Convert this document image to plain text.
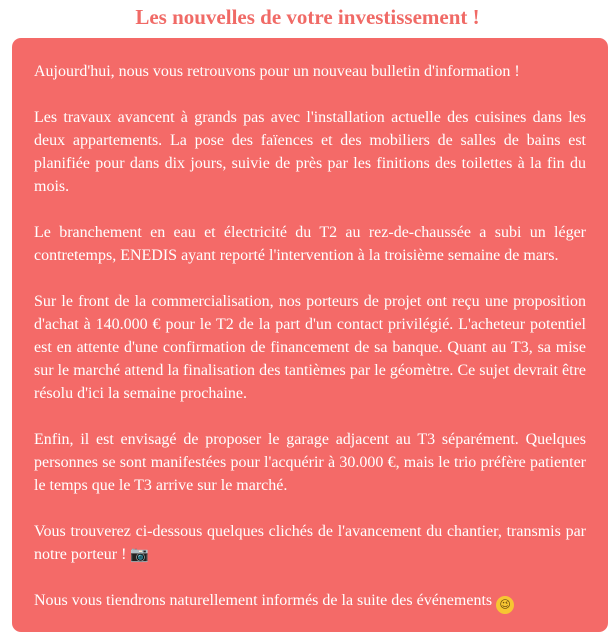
Les nouvelles de votre investissement !

Aujourd'hui, nous vous retrouvons pour un nouveau bulletin d'information !

Les travaux avancent à grands pas avec l'installation actuelle des cuisines dans les deux appartements. La pose des faïences et des mobiliers de salles de bains est planifiée pour dans dix jours, suivie de près par les finitions des toilettes à la fin du mois.

Le branchement en eau et électricité du T2 au rez-de-chaussée a subi un léger contretemps, ENEDIS ayant reporté l'intervention à la troisième semaine de mars.

Sur le front de la commercialisation, nos porteurs de projet ont reçu une proposition d'achat à 140.000 € pour le T2 de la part d'un contact privilégié. L'acheteur potentiel est en attente d'une confirmation de financement de sa banque. Quant au T3, sa mise sur le marché attend la finalisation des tantièmes par le géomètre. Ce sujet devrait être résolu d'ici la semaine prochaine.

Enfin, il est envisagé de proposer le garage adjacent au T3 séparément. Quelques personnes se sont manifestées pour l'acquérir à 30.000 €, mais le trio préfère patienter le temps que le T3 arrive sur le marché.

Vous trouverez ci-dessous quelques clichés de l'avancement du chantier, transmis par notre porteur ! 📷

Nous vous tiendrons naturellement informés de la suite des événements 😉
